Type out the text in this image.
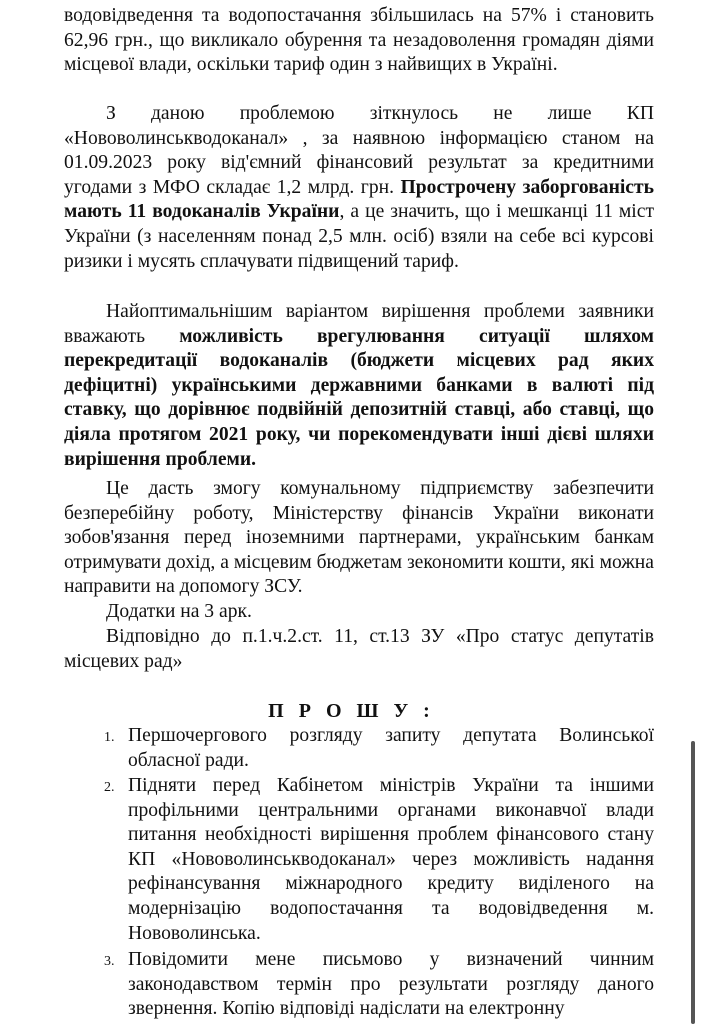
водовідведення та водопостачання збільшилась на 57% і становить 62,96 грн., що викликало обурення та незадоволення громадян діями місцевої влади, оскільки тариф один з найвищих в Україні.
З даною проблемою зіткнулось не лише КП «Нововолинськводоканал» , за наявною інформацією станом на 01.09.2023 року від'ємний фінансовий результат за кредитними угодами з МФО складає 1,2 млрд. грн. Прострочену заборгованість мають 11 водоканалів України, а це значить, що і мешканці 11 міст України (з населенням понад 2,5 млн. осіб) взяли на себе всі курсові ризики і мусять сплачувати підвищений тариф.
Найоптимальнішим варіантом вирішення проблеми заявники вважають можливість врегулювання ситуації шляхом перекредитації водоканалів (бюджети місцевих рад яких дефіцитні) українськими державними банками в валюті під ставку, що дорівнює подвійній депозитній ставці, або ставці, що діяла протягом 2021 року, чи порекомендувати інші дієві шляхи вирішення проблеми.
Це дасть змогу комунальному підприємству забезпечити безперебійну роботу, Міністерству фінансів України виконати зобов'язання перед іноземними партнерами, українським банкам отримувати дохід, а місцевим бюджетам зекономити кошти, які можна направити на допомогу ЗСУ.
Додатки на 3 арк.
Відповідно до п.1.ч.2.ст. 11, ст.13 ЗУ «Про статус депутатів місцевих рад»
П Р О Ш У :
1. Першочергового розгляду запиту депутата Волинської обласної ради.
2. Підняти перед Кабінетом міністрів України та іншими профільними центральними органами виконавчої влади питання необхідності вирішення проблем фінансового стану КП «Нововолинськводоканал» через можливість надання рефінансування міжнародного кредиту виділеного на модернізацію водопостачання та водовідведення м. Нововолинська.
3. Повідомити мене письмово у визначений чинним законодавством термін про результати розгляду даного звернення. Копію відповіді надіслати на електронну
